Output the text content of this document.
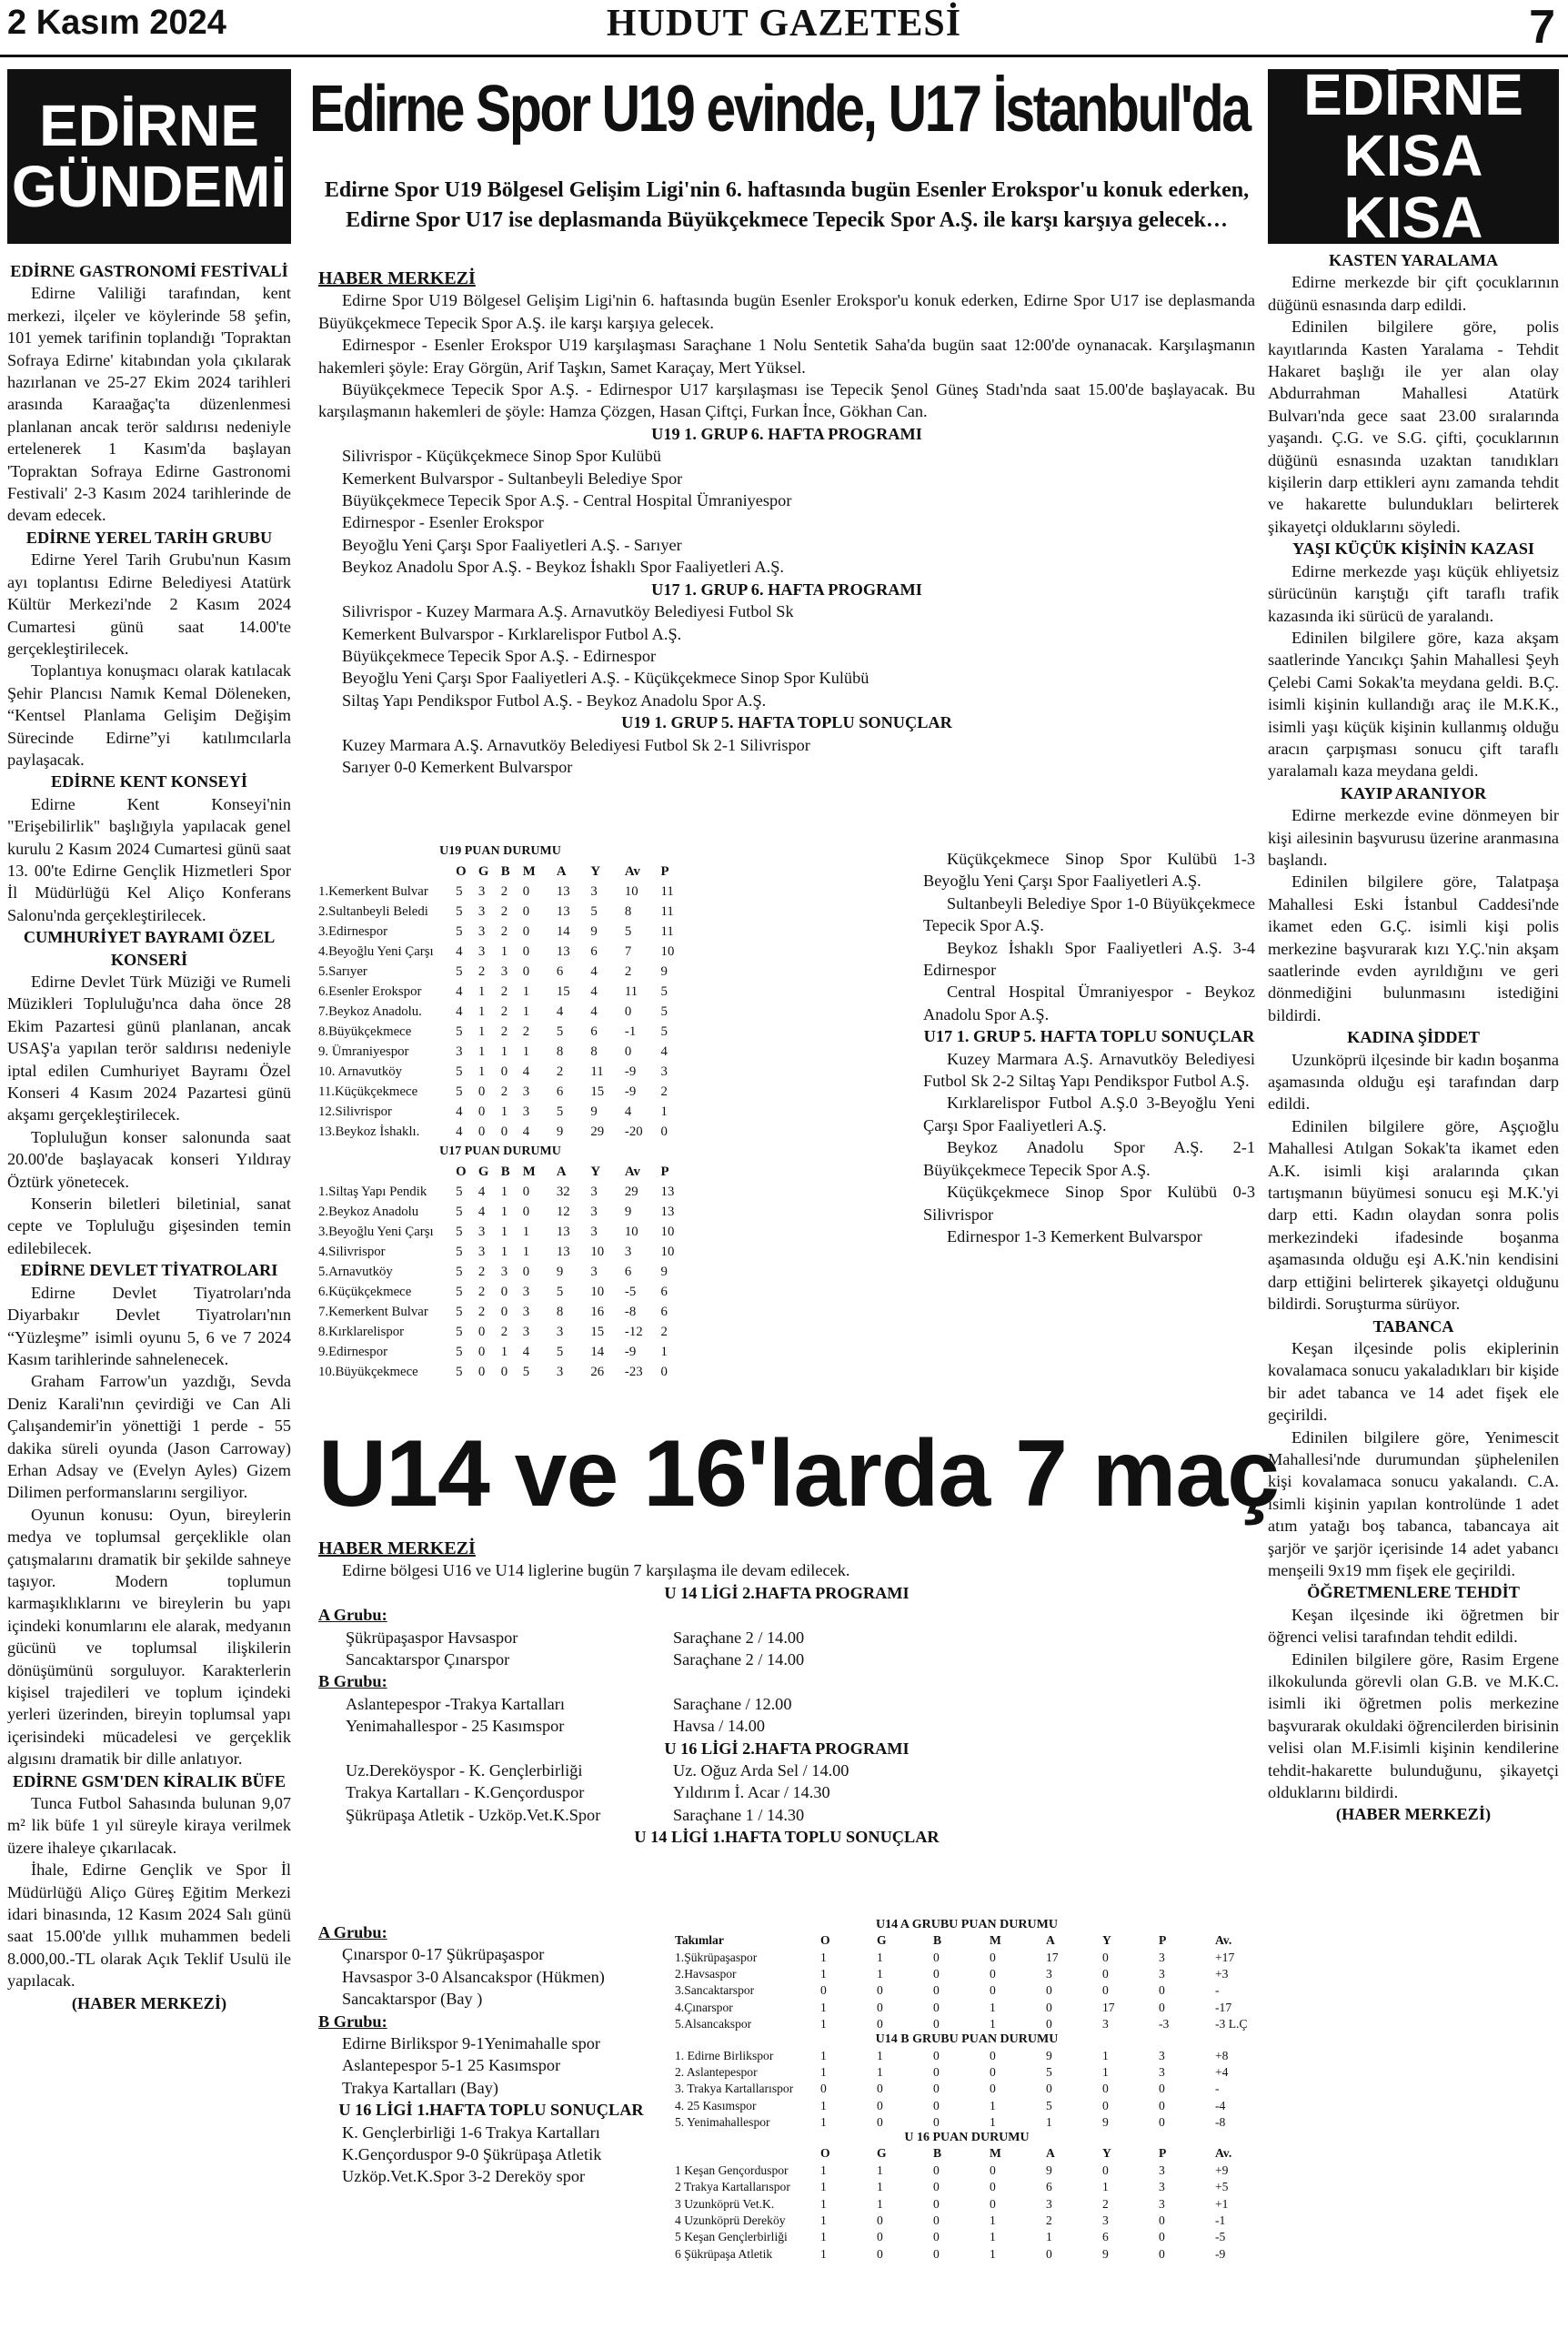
2 Kasım 2024	HUDUT GAZETESİ	7
EDİRNE
GÜNDEMİ
EDİRNE
KISA KISA

EDİRNE GASTRONOMİ FESTİVALİ

Edirne Valiliği tarafından, kent merkezi, ilçeler ve köylerinde 58 şefin, 101 yemek tarifinin toplandığı 'Topraktan Sofraya Edirne' kitabından yola çıkılarak hazırlanan ve 25-27 Ekim 2024 tarihleri arasında Karaağaç'ta düzenlenmesi planlanan ancak terör saldırısı nedeniyle ertelenerek 1 Kasım'da başlayan 'Topraktan Sofraya Edirne Gastronomi Festivali' 2-3 Kasım 2024 tarihlerinde de devam edecek.

EDİRNE YEREL TARİH GRUBU

Edirne Yerel Tarih Grubu'nun Kasım ayı toplantısı Edirne Belediyesi Atatürk Kültür Merkezi'nde 2 Kasım 2024 Cumartesi günü saat 14.00'te gerçekleştirilecek.

Toplantıya konuşmacı olarak katılacak Şehir Plancısı Namık Kemal Döleneken, “Kentsel Planlama Gelişim Değişim Sürecinde Edirne”yi katılımcılarla paylaşacak.

EDİRNE KENT KONSEYİ

Edirne Kent Konseyi'nin "Erişebilirlik" başlığıyla yapılacak genel kurulu 2 Kasım 2024 Cumartesi günü saat 13. 00'te Edirne Gençlik Hizmetleri Spor İl Müdürlüğü Kel Aliço Konferans Salonu'nda gerçekleştirilecek.

CUMHURİYET BAYRAMI ÖZEL KONSERİ

Edirne Devlet Türk Müziği ve Rumeli Müzikleri Topluluğu'nca daha önce 28 Ekim Pazartesi günü planlanan, ancak USAŞ'a yapılan terör saldırısı nedeniyle iptal edilen Cumhuriyet Bayramı Özel Konseri 4 Kasım 2024 Pazartesi günü akşamı gerçekleştirilecek.

Topluluğun konser salonunda saat 20.00'de başlayacak konseri Yıldıray Öztürk yönetecek.

Konserin biletleri biletinial, sanat cepte ve Topluluğu gişesinden temin edilebilecek.

EDİRNE DEVLET TİYATROLARI

Edirne Devlet Tiyatroları'nda Diyarbakır Devlet Tiyatroları'nın “Yüzleşme” isimli oyunu 5, 6 ve 7 2024 Kasım tarihlerinde sahnelenecek.

Graham Farrow'un yazdığı, Sevda Deniz Karali'nın çevirdiği ve Can Ali Çalışandemir'in yönettiği 1 perde - 55 dakika süreli oyunda (Jason Carroway) Erhan Adsay ve (Evelyn Ayles) Gizem Dilimen performanslarını sergiliyor.

Oyunun konusu: Oyun, bireylerin medya ve toplumsal gerçeklikle olan çatışmalarını dramatik bir şekilde sahneye taşıyor. Modern toplumun karmaşıklıklarını ve bireylerin bu yapı içindeki konumlarını ele alarak, medyanın gücünü ve toplumsal ilişkilerin dönüşümünü sorguluyor. Karakterlerin kişisel trajedileri ve toplum içindeki yerleri üzerinden, bireyin toplumsal yapı içerisindeki mücadelesi ve gerçeklik algısını dramatik bir dille anlatıyor.

EDİRNE GSM'DEN KİRALIK BÜFE

Tunca Futbol Sahasında bulunan 9,07 m² lik büfe 1 yıl süreyle kiraya verilmek üzere ihaleye çıkarılacak.

İhale, Edirne Gençlik ve Spor İl Müdürlüğü Aliço Güreş Eğitim Merkezi idari binasında, 12 Kasım 2024 Salı günü saat 15.00'de yıllık muhammen bedeli 8.000,00.-TL olarak Açık Teklif Usulü ile yapılacak.

(HABER MERKEZİ)

KASTEN YARALAMA

Edirne merkezde bir çift çocuklarının düğünü esnasında darp edildi.

Edinilen bilgilere göre, polis kayıtlarında Kasten Yaralama - Tehdit Hakaret başlığı ile yer alan olay Abdurrahman Mahallesi Atatürk Bulvarı'nda gece saat 23.00 sıralarında yaşandı. Ç.G. ve S.G. çifti, çocuklarının düğünü esnasında uzaktan tanıdıkları kişilerin darp ettikleri aynı zamanda tehdit ve hakarette bulundukları belirterek şikayetçi olduklarını söyledi.

YAŞI KÜÇÜK KİŞİNİN KAZASI

Edirne merkezde yaşı küçük ehliyetsiz sürücünün karıştığı çift taraflı trafik kazasında iki sürücü de yaralandı.

Edinilen bilgilere göre, kaza akşam saatlerinde Yancıkçı Şahin Mahallesi Şeyh Çelebi Cami Sokak'ta meydana geldi. B.Ç. isimli kişinin kullandığı araç ile M.K.K., isimli yaşı küçük kişinin kullanmış olduğu aracın çarpışması sonucu çift taraflı yaralamalı kaza meydana geldi.

KAYIP ARANIYOR

Edirne merkezde evine dönmeyen bir kişi ailesinin başvurusu üzerine aranmasına başlandı.

Edinilen bilgilere göre, Talatpaşa Mahallesi Eski İstanbul Caddesi'nde ikamet eden G.Ç. isimli kişi polis merkezine başvurarak kızı Y.Ç.'nin akşam saatlerinde evden ayrıldığını ve geri dönmediğini bulunmasını istediğini bildirdi.

KADINA ŞİDDET

Uzunköprü ilçesinde bir kadın boşanma aşamasında olduğu eşi tarafından darp edildi.

Edinilen bilgilere göre, Aşçıoğlu Mahallesi Atılgan Sokak'ta ikamet eden A.K. isimli kişi aralarında çıkan tartışmanın büyümesi sonucu eşi M.K.'yi darp etti. Kadın olaydan sonra polis merkezindeki ifadesinde boşanma aşamasında olduğu eşi A.K.'nin kendisini darp ettiğini belirterek şikayetçi olduğunu bildirdi. Soruşturma sürüyor.

TABANCA

Keşan ilçesinde polis ekiplerinin kovalamaca sonucu yakaladıkları bir kişide bir adet tabanca ve 14 adet fişek ele geçirildi.

Edinilen bilgilere göre, Yenimescit Mahallesi'nde durumundan şüphelenilen kişi kovalamaca sonucu yakalandı. C.A. isimli kişinin yapılan kontrolünde 1 adet atım yatağı boş tabanca, tabancaya ait şarjör ve şarjör içerisinde 14 adet yabancı menşeili 9x19 mm fişek ele geçirildi.

ÖĞRETMENLERE TEHDİT

Keşan ilçesinde iki öğretmen bir öğrenci velisi tarafından tehdit edildi.

Edinilen bilgilere göre, Rasim Ergene ilkokulunda görevli olan G.B. ve M.K.C. isimli iki öğretmen polis merkezine başvurarak okuldaki öğrencilerden birisinin velisi olan M.F.isimli kişinin kendilerine tehdit-hakarette bulunduğunu, şikayetçi olduklarını bildirdi.

(HABER MERKEZİ)

Edirne Spor U19 evinde, U17 İstanbul'da
Edirne Spor U19 Bölgesel Gelişim Ligi'nin 6. haftasında bugün Esenler Erokspor'u konuk ederken, Edirne Spor U17 ise deplasmanda Büyükçekmece Tepecik Spor A.Ş. ile karşı karşıya gelecek…

HABER MERKEZİ

Edirne Spor U19 Bölgesel Gelişim Ligi'nin 6. haftasında bugün Esenler Erokspor'u konuk ederken, Edirne Spor U17 ise deplasmanda Büyükçekmece Tepecik Spor A.Ş. ile karşı karşıya gelecek.

Edirnespor - Esenler Erokspor U19 karşılaşması Saraçhane 1 Nolu Sentetik Saha'da bugün saat 12:00'de oynanacak. Karşılaşmanın hakemleri şöyle: Eray Görgün, Arif Taşkın, Samet Karaçay, Mert Yüksel.

Büyükçekmece Tepecik Spor A.Ş. - Edirnespor U17 karşılaşması ise Tepecik Şenol Güneş Stadı'nda saat 15.00'de başlayacak. Bu karşılaşmanın hakemleri de şöyle: Hamza Çözgen, Hasan Çiftçi, Furkan İnce, Gökhan Can.

U19 1. GRUP 6. HAFTA PROGRAMI

Silivrispor - Küçükçekmece Sinop Spor Kulübü

Kemerkent Bulvarspor - Sultanbeyli Belediye Spor

Büyükçekmece Tepecik Spor A.Ş. - Central Hospital Ümraniyespor

Edirnespor - Esenler Erokspor

Beyoğlu Yeni Çarşı Spor Faaliyetleri A.Ş. - Sarıyer

Beykoz Anadolu Spor A.Ş. - Beykoz İshaklı Spor Faaliyetleri A.Ş.

U17 1. GRUP 6. HAFTA PROGRAMI

Silivrispor - Kuzey Marmara A.Ş. Arnavutköy Belediyesi Futbol Sk

Kemerkent Bulvarspor - Kırklarelispor Futbol A.Ş.

Büyükçekmece Tepecik Spor A.Ş. - Edirnespor

Beyoğlu Yeni Çarşı Spor Faaliyetleri A.Ş. - Küçükçekmece Sinop Spor Kulübü

Siltaş Yapı Pendikspor Futbol A.Ş. - Beykoz Anadolu Spor A.Ş.

U19 1. GRUP 5. HAFTA TOPLU SONUÇLAR

Kuzey Marmara A.Ş. Arnavutköy Belediyesi Futbol Sk 2-1 Silivrispor

Sarıyer 0-0 Kemerkent Bulvarspor

U19 PUAN DURUMU
	O	G	B	M	A	Y	Av	P
1.Kemerkent Bulvar	5	3	2	0	13	3	10	11
2.Sultanbeyli Beledi	5	3	2	0	13	5	8	11
3.Edirnespor	5	3	2	0	14	9	5	11
4.Beyoğlu Yeni Çarşı	4	3	1	0	13	6	7	10
5.Sarıyer	5	2	3	0	6	4	2	9
6.Esenler Erokspor	4	1	2	1	15	4	11	5
7.Beykoz Anadolu.	4	1	2	1	4	4	0	5
8.Büyükçekmece	5	1	2	2	5	6	-1	5
9. Ümraniyespor	3	1	1	1	8	8	0	4
10. Arnavutköy	5	1	0	4	2	11	-9	3
11.Küçükçekmece	5	0	2	3	6	15	-9	2
12.Silivrispor	4	0	1	3	5	9	4	1
13.Beykoz İshaklı.	4	0	0	4	9	29	-20	0
U17 PUAN DURUMU
	O	G	B	M	A	Y	Av	P
1.Siltaş Yapı Pendik	5	4	1	0	32	3	29	13
2.Beykoz Anadolu	5	4	1	0	12	3	9	13
3.Beyoğlu Yeni Çarşı	5	3	1	1	13	3	10	10
4.Silivrispor	5	3	1	1	13	10	3	10
5.Arnavutköy	5	2	3	0	9	3	6	9
6.Küçükçekmece	5	2	0	3	5	10	-5	6
7.Kemerkent Bulvar	5	2	0	3	8	16	-8	6
8.Kırklarelispor	5	0	2	3	3	15	-12	2
9.Edirnespor	5	0	1	4	5	14	-9	1
10.Büyükçekmece	5	0	0	5	3	26	-23	0

Küçükçekmece Sinop Spor Kulübü 1-3 Beyoğlu Yeni Çarşı Spor Faaliyetleri A.Ş.

Sultanbeyli Belediye Spor 1-0 Büyükçekmece Tepecik Spor A.Ş.

Beykoz İshaklı Spor Faaliyetleri A.Ş. 3-4 Edirnespor

Central Hospital Ümraniyespor - Beykoz Anadolu Spor A.Ş.

U17 1. GRUP 5. HAFTA TOPLU SONUÇLAR

Kuzey Marmara A.Ş. Arnavutköy Belediyesi Futbol Sk 2-2 Siltaş Yapı Pendikspor Futbol A.Ş.

Kırklarelispor Futbol A.Ş.0 3-Beyoğlu Yeni Çarşı Spor Faaliyetleri A.Ş.

Beykoz Anadolu Spor A.Ş. 2-1 Büyükçekmece Tepecik Spor A.Ş.

Küçükçekmece Sinop Spor Kulübü 0-3 Silivrispor

Edirnespor 1-3 Kemerkent Bulvarspor

U14 ve 16'larda 7 maç

HABER MERKEZİ

Edirne bölgesi U16 ve U14 liglerine bugün 7 karşılaşma ile devam edilecek.

U 14 LİGİ 2.HAFTA PROGRAMI

A Grubu:

Şükrüpaşaspor Havsaspor	Saraçhane 2 / 14.00
Sancaktarspor Çınarspor	Saraçhane 2 / 14.00

B Grubu:

Aslantepespor -Trakya Kartalları	Saraçhane / 12.00
Yenimahallespor - 25 Kasımspor	Havsa / 14.00

U 16 LİGİ 2.HAFTA PROGRAMI

Uz.Dereköyspor - K. Gençlerbirliği	Uz. Oğuz Arda Sel / 14.00
Trakya Kartalları - K.Gençorduspor	Yıldırım İ. Acar / 14.30
Şükrüpaşa Atletik - Uzköp.Vet.K.Spor	Saraçhane 1 / 14.30

U 14 LİGİ 1.HAFTA TOPLU SONUÇLAR

A Grubu:

Çınarspor 0-17 Şükrüpaşaspor

Havsaspor 3-0 Alsancakspor (Hükmen)

Sancaktarspor (Bay )

B Grubu:

Edirne Birlikspor 9-1Yenimahalle spor

Aslantepespor 5-1 25 Kasımspor

Trakya Kartalları (Bay)

U 16 LİGİ 1.HAFTA TOPLU SONUÇLAR

K. Gençlerbirliği 1-6 Trakya Kartalları

K.Gençorduspor 9-0 Şükrüpaşa Atletik

Uzköp.Vet.K.Spor 3-2 Dereköy spor

U14 A GRUBU PUAN DURUMU
Takımlar	O	G	B	M	A	Y	P	Av.
1.Şükrüpaşaspor	1	1	0	0	17	0	3	+17
2.Havsaspor	1	1	0	0	3	0	3	+3
3.Sancaktarspor	0	0	0	0	0	0	0	-
4.Çınarspor	1	0	0	1	0	17	0	-17
5.Alsancakspor	1	0	0	1	0	3	-3	-3 L.Ç
U14 B GRUBU PUAN DURUMU
1. Edirne Birlikspor	1	1	0	0	9	1	3	+8
2. Aslantepespor	1	1	0	0	5	1	3	+4
3. Trakya Kartallarıspor	0	0	0	0	0	0	0	-
4. 25 Kasımspor	1	0	0	1	5	0	0	-4
5. Yenimahallespor	1	0	0	1	1	9	0	-8
U 16 PUAN DURUMU
	O	G	B	M	A	Y	P	Av.
1 Keşan Gençorduspor	1	1	0	0	9	0	3	+9
2 Trakya Kartallarıspor	1	1	0	0	6	1	3	+5
3 Uzunköprü Vet.K.	1	1	0	0	3	2	3	+1
4 Uzunköprü Dereköy	1	0	0	1	2	3	0	-1
5 Keşan Gençlerbirliği	1	0	0	1	1	6	0	-5
6 Şükrüpaşa Atletik	1	0	0	1	0	9	0	-9
